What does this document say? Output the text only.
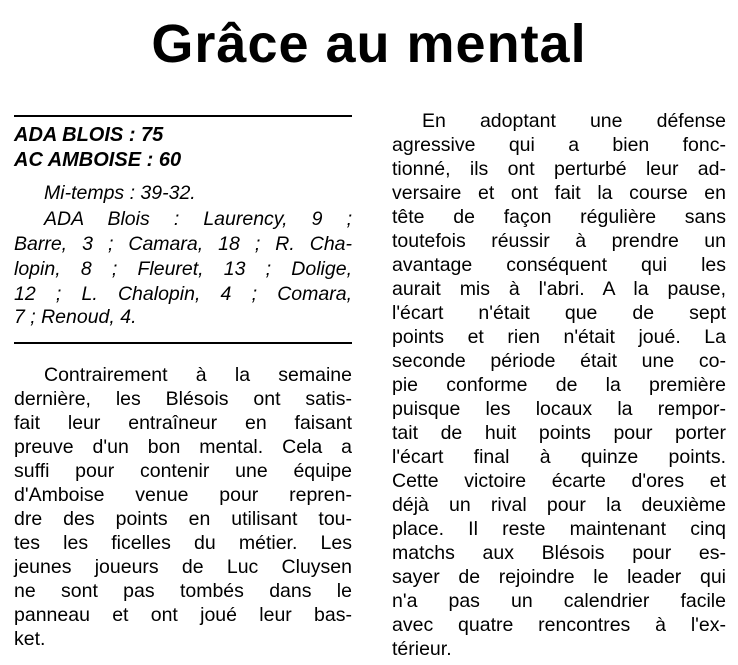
Grâce au mental
ADA BLOIS : 75
AC AMBOISE : 60
Mi-temps : 39-32.
ADA Blois : Laurency, 9 ;
Barre, 3 ; Camara, 18 ; R. Cha-
lopin, 8 ; Fleuret, 13 ; Dolige,
12 ; L. Chalopin, 4 ; Comara,
7 ; Renoud, 4.
Contrairement à la semaine
dernière, les Blésois ont satis-
fait leur entraîneur en faisant
preuve d'un bon mental. Cela a
suffi pour contenir une équipe
d'Amboise venue pour repren-
dre des points en utilisant tou-
tes les ficelles du métier. Les
jeunes joueurs de Luc Cluysen
ne sont pas tombés dans le
panneau et ont joué leur bas-
ket.
En adoptant une défense
agressive qui a bien fonc-
tionné, ils ont perturbé leur ad-
versaire et ont fait la course en
tête de façon régulière sans
toutefois réussir à prendre un
avantage conséquent qui les
aurait mis à l'abri. A la pause,
l'écart n'était que de sept
points et rien n'était joué. La
seconde période était une co-
pie conforme de la première
puisque les locaux la rempor-
tait de huit points pour porter
l'écart final à quinze points.
Cette victoire écarte d'ores et
déjà un rival pour la deuxième
place. Il reste maintenant cinq
matchs aux Blésois pour es-
sayer de rejoindre le leader qui
n'a pas un calendrier facile
avec quatre rencontres à l'ex-
térieur.
